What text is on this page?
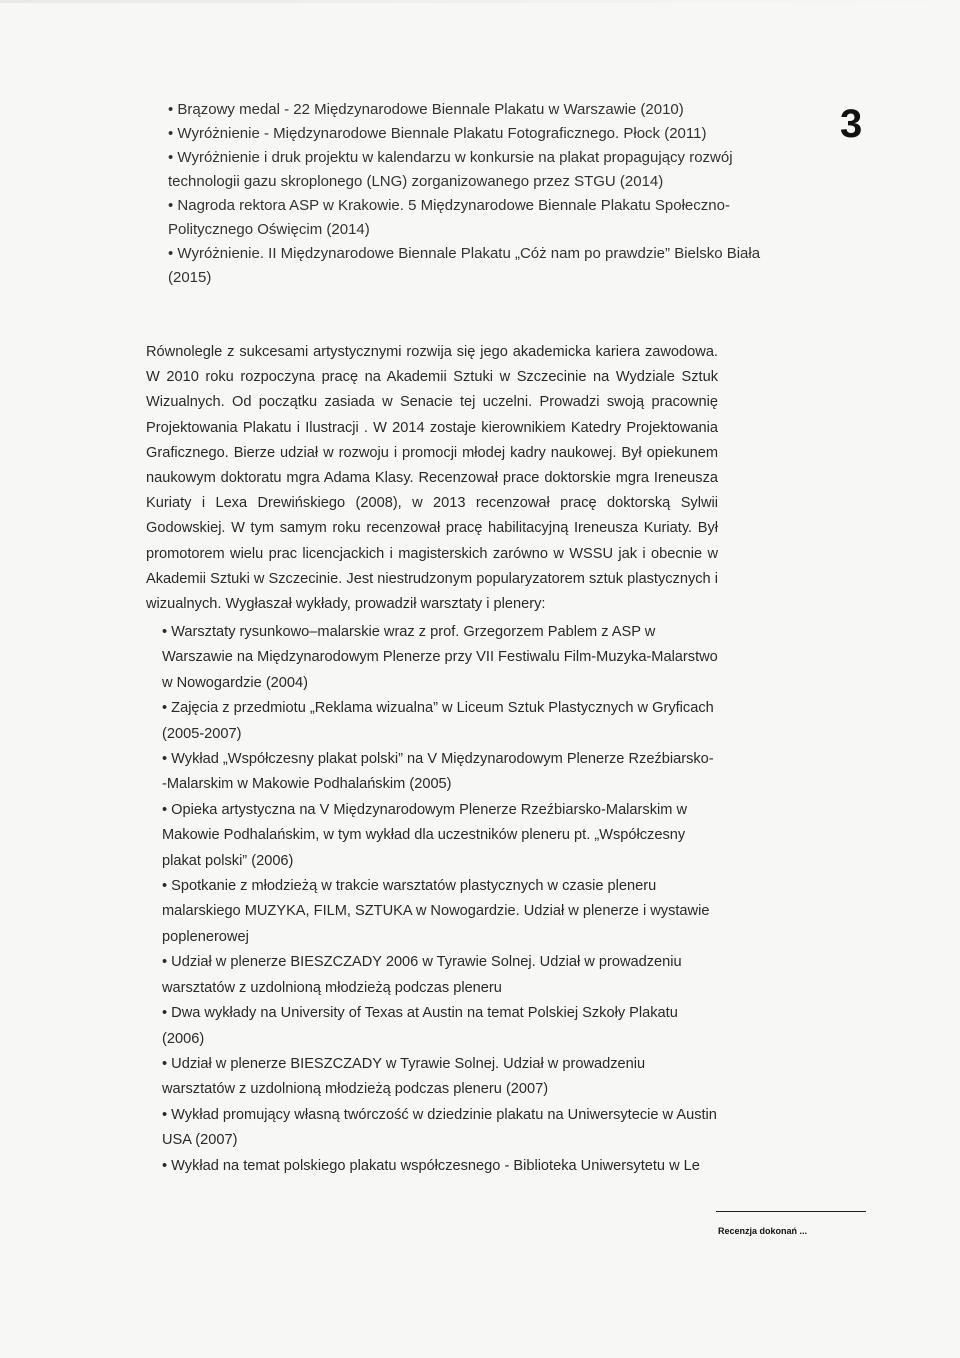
3

• Brązowy medal - 22 Międzynarodowe Biennale Plakatu w Warszawie (2010)

• Wyróżnienie - Międzynarodowe Biennale Plakatu Fotograficznego. Płock (2011)

• Wyróżnienie i druk projektu w kalendarzu w konkursie na plakat propagujący rozwój technologii gazu skroplonego (LNG) zorganizowanego przez STGU (2014)

• Nagroda rektora ASP w Krakowie. 5 Międzynarodowe Biennale Plakatu Społeczno-Politycznego Oświęcim (2014)

• Wyróżnienie. II Międzynarodowe Biennale Plakatu „Cóż nam po prawdzie” Bielsko Biała (2015)

Równolegle z sukcesami artystycznymi rozwija się jego akademicka kariera zawodowa. W 2010 roku rozpoczyna pracę na Akademii Sztuki w Szczecinie na Wydziale Sztuk Wizualnych. Od początku zasiada w Senacie tej uczelni. Prowadzi swoją pracownię Projektowania Plakatu i Ilustracji . W 2014 zostaje kierownikiem Katedry Projektowania Graficznego. Bierze udział w rozwoju i promocji młodej kadry naukowej. Był opiekunem naukowym doktoratu mgra Adama Klasy. Recenzował prace doktorskie mgra Ireneusza Kuriaty i Lexa Drewińskiego (2008), w 2013 recenzował pracę doktorską Sylwii Godowskiej. W tym samym roku recenzował pracę habilitacyjną Ireneusza Kuriaty. Był promotorem wielu prac licencjackich i magisterskich zarówno w WSSU jak i obecnie w Akademii Sztuki w Szczecinie. Jest niestrudzonym popularyzatorem sztuk plastycznych i wizualnych. Wygłaszał wykłady, prowadził warsztaty i plenery:

• Warsztaty rysunkowo–malarskie wraz z prof. Grzegorzem Pablem z ASP w Warszawie na Międzynarodowym Plenerze przy VII Festiwalu Film-Muzyka-Malarstwo w Nowogardzie (2004)

• Zajęcia z przedmiotu „Reklama wizualna” w Liceum Sztuk Plastycznych w Gryficach (2005-2007)

• Wykład „Współczesny plakat polski” na V Międzynarodowym Plenerze Rzeźbiarsko--Malarskim w Makowie Podhalańskim (2005)

• Opieka artystyczna na V Międzynarodowym Plenerze Rzeźbiarsko-Malarskim w Makowie Podhalańskim, w tym wykład dla uczestników pleneru pt. „Współczesny plakat polski” (2006)

• Spotkanie z młodzieżą w trakcie warsztatów plastycznych w czasie pleneru malarskiego MUZYKA, FILM, SZTUKA w Nowogardzie. Udział w plenerze i wystawie poplenerowej

• Udział w plenerze BIESZCZADY 2006 w Tyrawie Solnej. Udział w prowadzeniu warsztatów z uzdolnioną młodzieżą podczas pleneru

• Dwa wykłady na University of Texas at Austin na temat Polskiej Szkoły Plakatu (2006)

• Udział w plenerze BIESZCZADY w Tyrawie Solnej. Udział w prowadzeniu warsztatów z uzdolnioną młodzieżą podczas pleneru (2007)

• Wykład promujący własną twórczość w dziedzinie plakatu na Uniwersytecie w Austin USA (2007)

• Wykład na temat polskiego plakatu współczesnego - Biblioteka Uniwersytetu w Le

Recenzja dokonań ...
